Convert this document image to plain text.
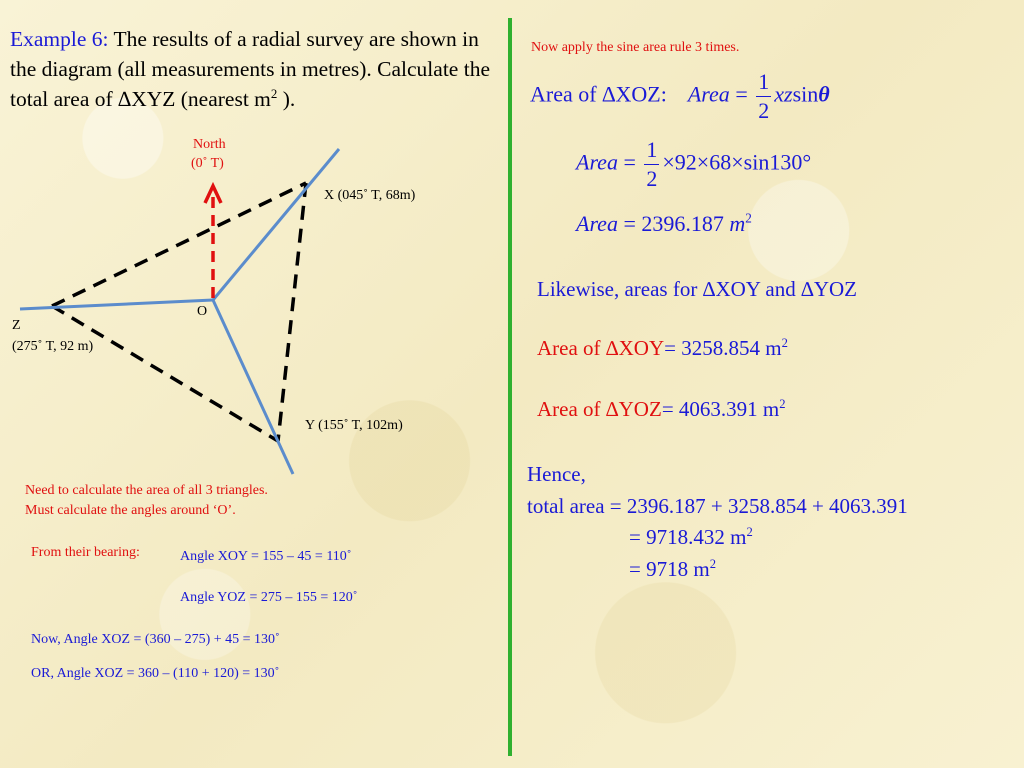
Example 6: The results of a radial survey are shown in the diagram (all measurements in metres). Calculate the total area of ∆XYZ (nearest $m^2$ ).
North
(0˚ T)
X (045˚ T, 68m)
O
Z
(275˚ T, 92 m)
Y (155˚ T, 102m)
Need to calculate the area of all 3 triangles.
Must calculate the angles around ‘O’.
From their bearing:	Angle XOY = 155 – 45 = 110˚
Angle YOZ = 275 – 155 = 120˚
Now, Angle XOZ = (360 – 275) + 45 = 130˚
OR, Angle XOZ = 360 – (110 + 120) = 130˚
Now apply the sine area rule 3 times.
Area of ∆XOZ: Area = $\frac{1}{2}$ xzsinθ
Area = $\frac{1}{2} \times 92\times 68\times\sin 130^\circ$
Area = 2396.187 $m^2$
Likewise, areas for ∆XOY and ∆YOZ
Area of ∆XOY= 3258.854 $m^2$
Area of ∆YOZ= 4063.391 $m^2$
Hence,
total area = 2396.187 + 3258.854 + 4063.391
= 9718.432 $m^2$
= 9718 $m^2$
